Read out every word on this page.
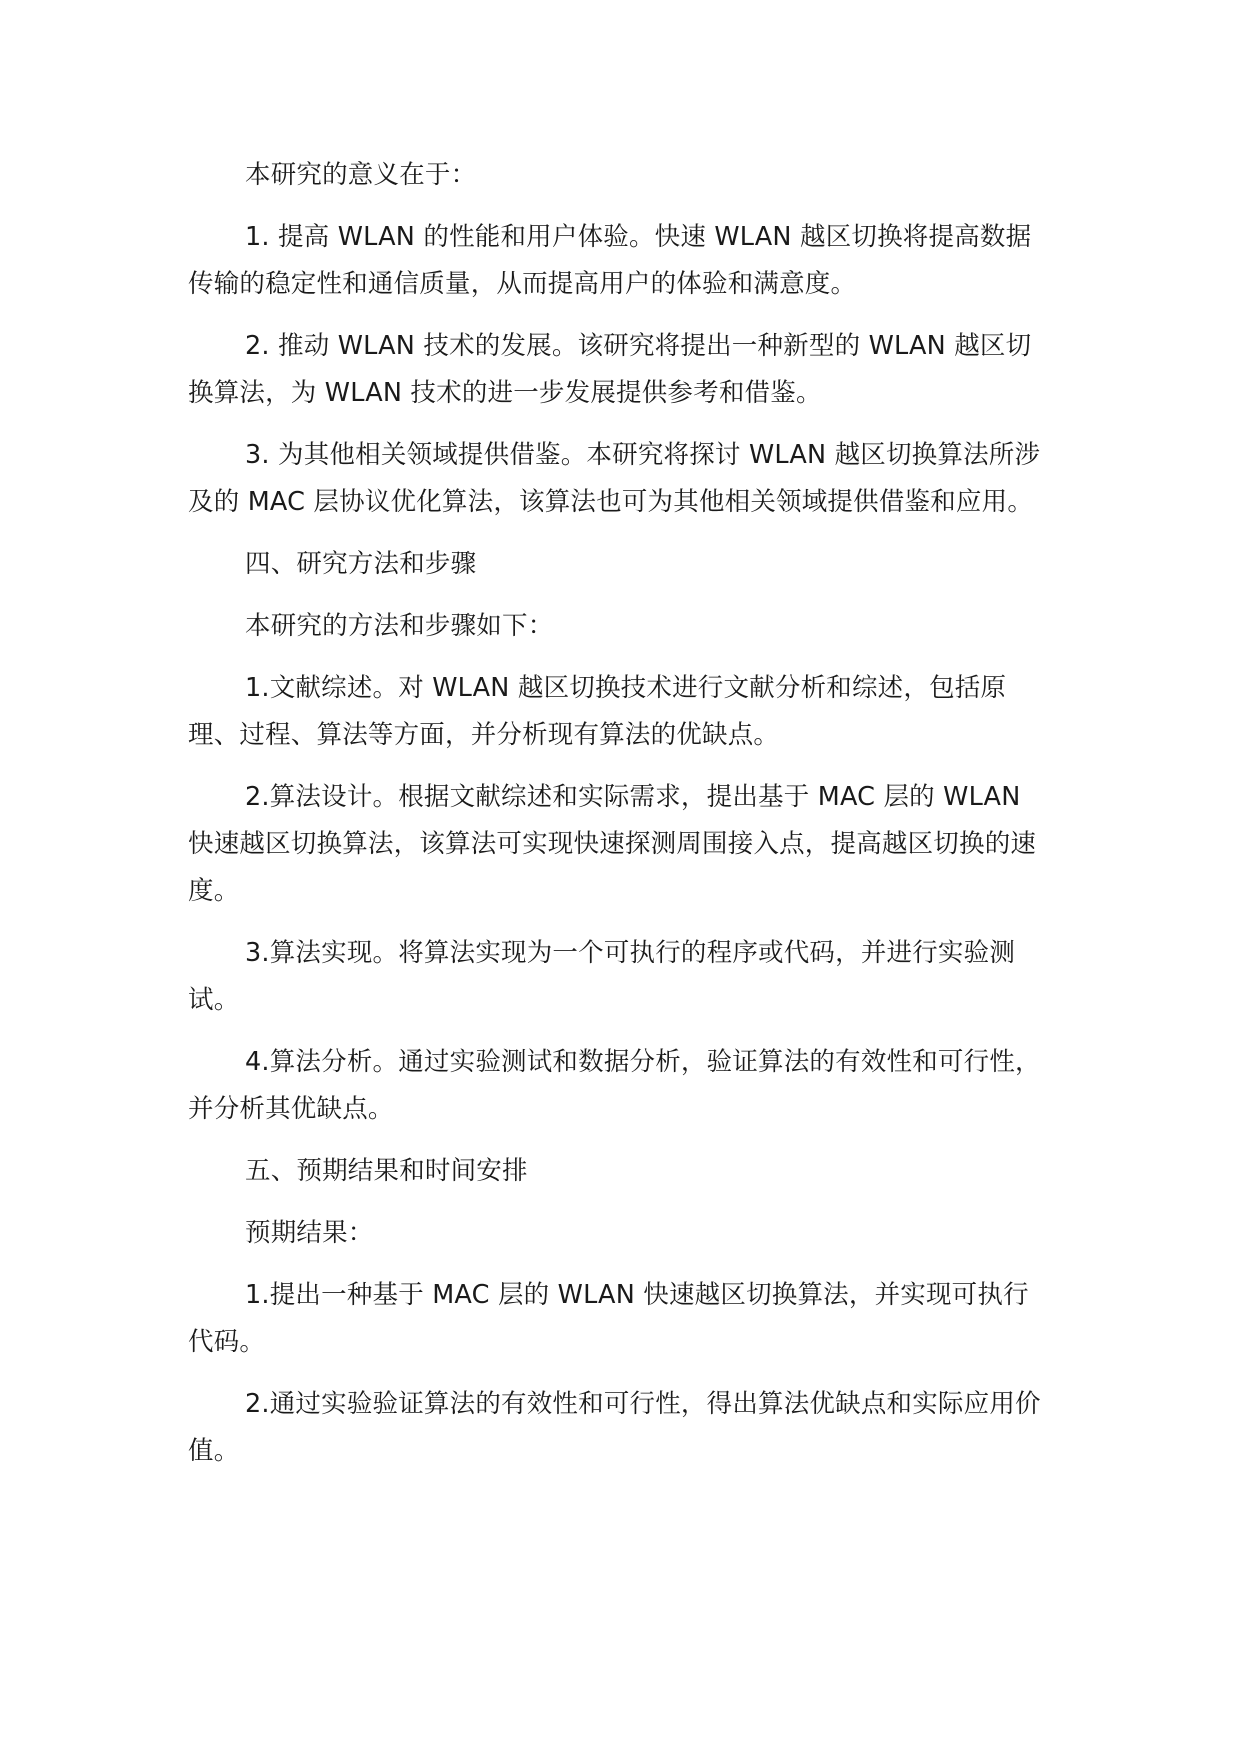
本研究的意义在于：

1. 提高 WLAN 的性能和用户体验。快速 WLAN 越区切换将提高数据传输的稳定性和通信质量，从而提高用户的体验和满意度。

2. 推动 WLAN 技术的发展。该研究将提出一种新型的 WLAN 越区切换算法，为 WLAN 技术的进一步发展提供参考和借鉴。

3. 为其他相关领域提供借鉴。本研究将探讨 WLAN 越区切换算法所涉及的 MAC 层协议优化算法，该算法也可为其他相关领域提供借鉴和应用。

四、研究方法和步骤

本研究的方法和步骤如下：

1.文献综述。对 WLAN 越区切换技术进行文献分析和综述，包括原理、过程、算法等方面，并分析现有算法的优缺点。

2.算法设计。根据文献综述和实际需求，提出基于 MAC 层的 WLAN 快速越区切换算法，该算法可实现快速探测周围接入点，提高越区切换的速度。

3.算法实现。将算法实现为一个可执行的程序或代码，并进行实验测试。

4.算法分析。通过实验测试和数据分析，验证算法的有效性和可行性，并分析其优缺点。

五、预期结果和时间安排

预期结果：

1.提出一种基于 MAC 层的 WLAN 快速越区切换算法，并实现可执行代码。

2.通过实验验证算法的有效性和可行性，得出算法优缺点和实际应用价值。
